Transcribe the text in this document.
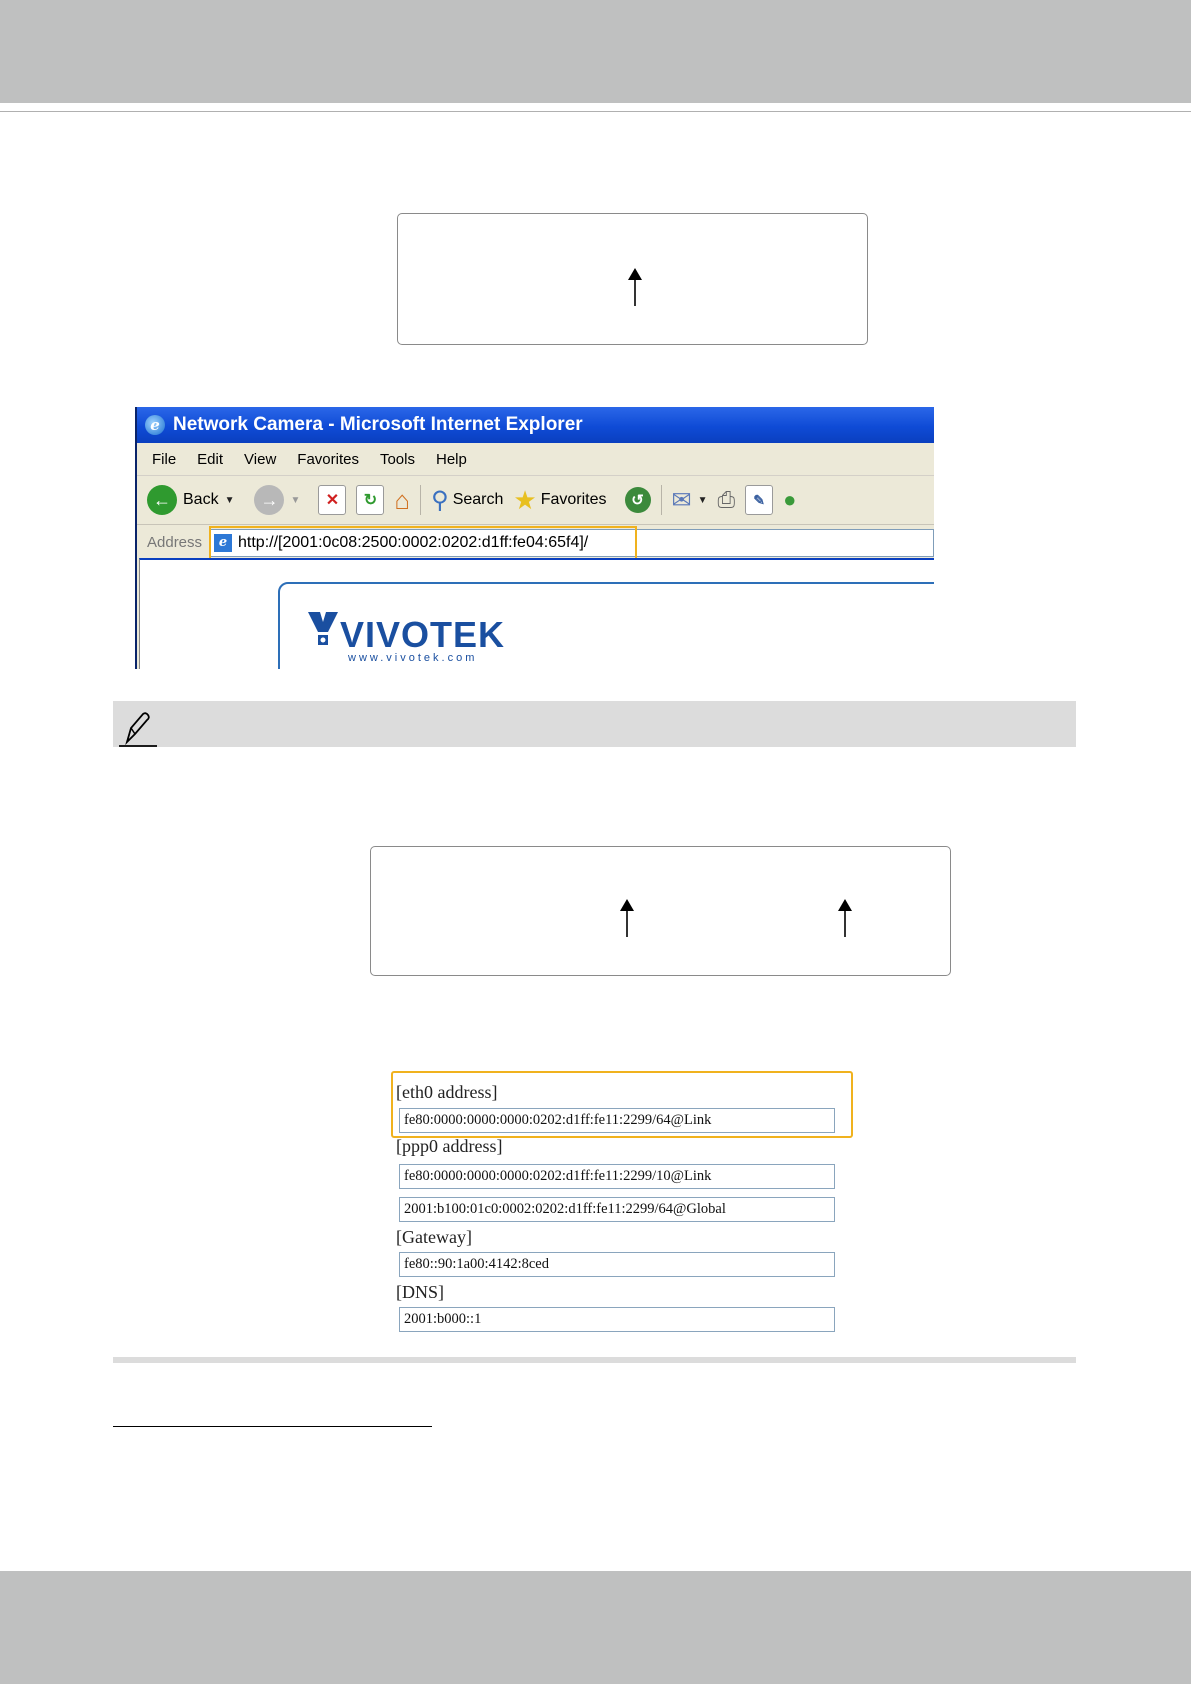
e Network Camera - Microsoft Internet Explorer
File Edit View Favorites Tools Help
← Back ▼	→	▼	✕	↻ ⌂ ⚲ Search ★ Favorites	↺ ✉ ▼ ⎙	✎ ●
Address	e http://[2001:0c08:2500:0002:0202:d1ff:fe04:65f4]/
VIVOTEK
www.vivotek.com
[eth0 address]
fe80:0000:0000:0000:0202:d1ff:fe11:2299/64@Link
[ppp0 address]
fe80:0000:0000:0000:0202:d1ff:fe11:2299/10@Link
2001:b100:01c0:0002:0202:d1ff:fe11:2299/64@Global
[Gateway]
fe80::90:1a00:4142:8ced
[DNS]
2001:b000::1
